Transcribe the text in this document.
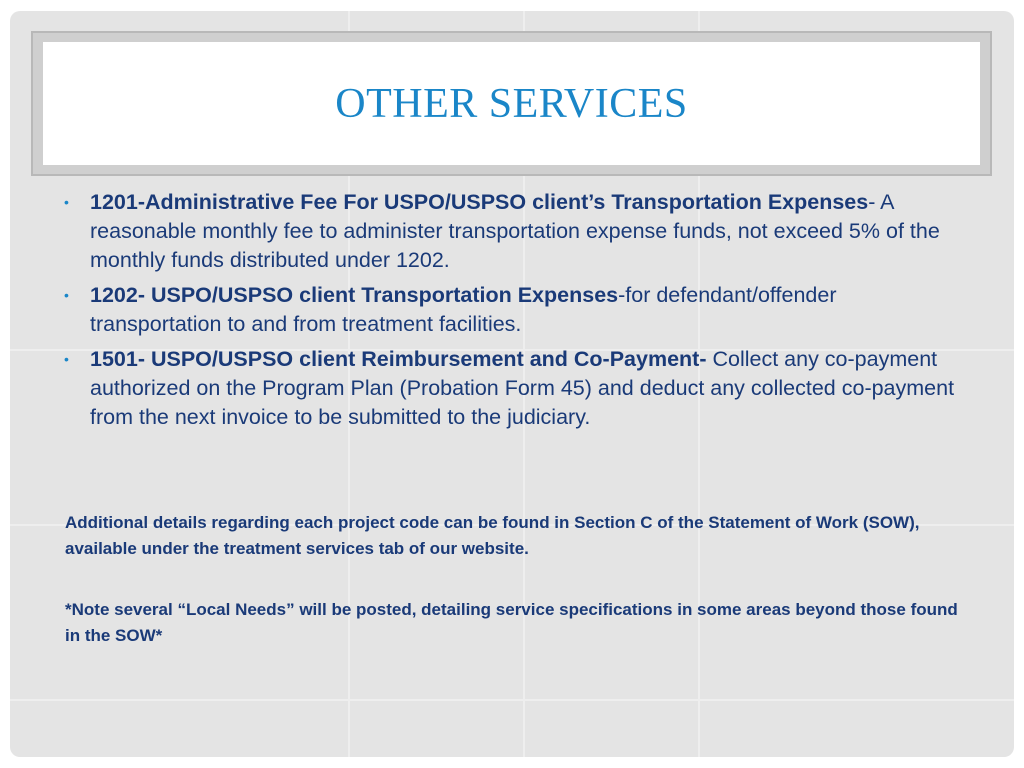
OTHER SERVICES
• 1201-Administrative Fee For USPO/USPSO client’s Transportation Expenses- A reasonable monthly fee to administer transportation expense funds, not exceed 5% of the monthly funds distributed under 1202.
• 1202- USPO/USPSO client Transportation Expenses-for defendant/offender transportation to and from treatment facilities.
• 1501- USPO/USPSO client Reimbursement and Co-Payment- Collect any co-payment authorized on the Program Plan (Probation Form 45) and deduct any collected co-payment from the next invoice to be submitted to the judiciary.

Additional details regarding each project code can be found in Section C of the Statement of Work (SOW), available under the treatment services tab of our website.

*Note several “Local Needs” will be posted, detailing service specifications in some areas beyond those found in the SOW*
